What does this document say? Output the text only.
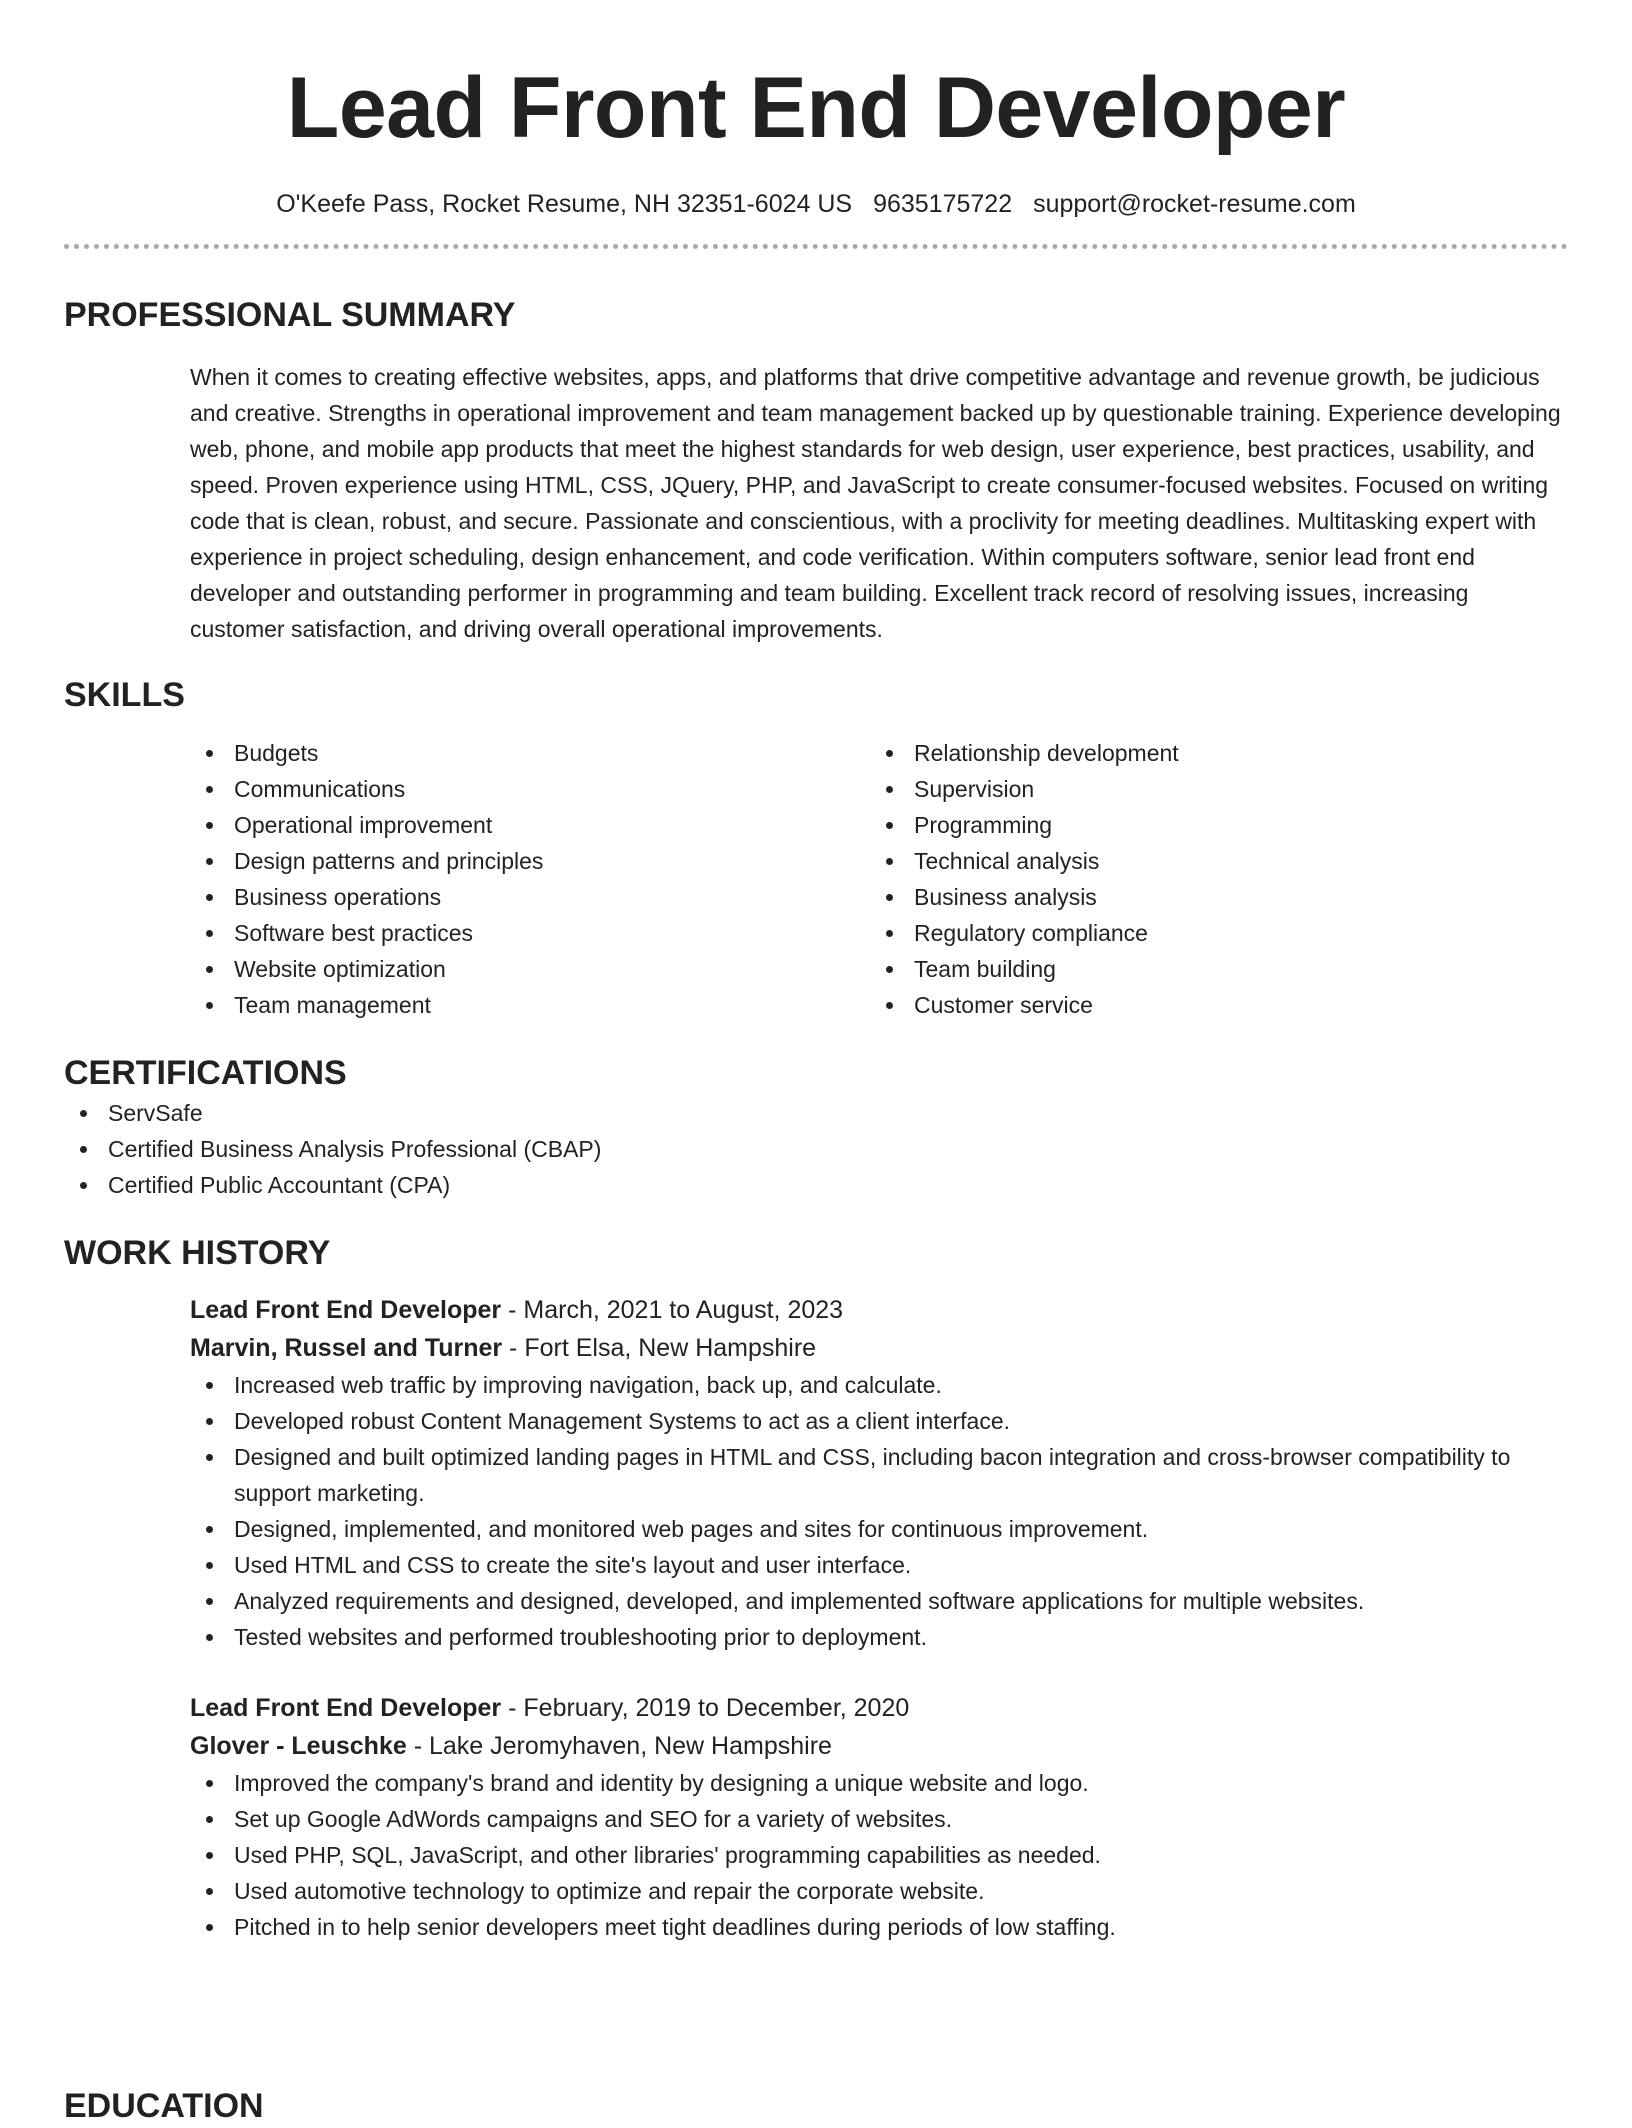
Lead Front End Developer
O'Keefe Pass, Rocket Resume, NH 32351-6024 US 9635175722 support@rocket-resume.com
PROFESSIONAL SUMMARY

When it comes to creating effective websites, apps, and platforms that drive competitive advantage and revenue growth, be judicious and creative. Strengths in operational improvement and team management backed up by questionable training. Experience developing web, phone, and mobile app products that meet the highest standards for web design, user experience, best practices, usability, and speed. Proven experience using HTML, CSS, JQuery, PHP, and JavaScript to create consumer-focused websites. Focused on writing code that is clean, robust, and secure. Passionate and conscientious, with a proclivity for meeting deadlines. Multitasking expert with experience in project scheduling, design enhancement, and code verification. Within computers software, senior lead front end developer and outstanding performer in programming and team building. Excellent track record of resolving issues, increasing customer satisfaction, and driving overall operational improvements.

SKILLS
Budgets
Communications
Operational improvement
Design patterns and principles
Business operations
Software best practices
Website optimization
Team management
Relationship development
Supervision
Programming
Technical analysis
Business analysis
Regulatory compliance
Team building
Customer service
CERTIFICATIONS
ServSafe
Certified Business Analysis Professional (CBAP)
Certified Public Accountant (CPA)
WORK HISTORY
Lead Front End Developer - March, 2021 to August, 2023
Marvin, Russel and Turner - Fort Elsa, New Hampshire
Increased web traffic by improving navigation, back up, and calculate.
Developed robust Content Management Systems to act as a client interface.
Designed and built optimized landing pages in HTML and CSS, including bacon integration and cross-browser compatibility to support marketing.
Designed, implemented, and monitored web pages and sites for continuous improvement.
Used HTML and CSS to create the site's layout and user interface.
Analyzed requirements and designed, developed, and implemented software applications for multiple websites.
Tested websites and performed troubleshooting prior to deployment.
Lead Front End Developer - February, 2019 to December, 2020
Glover - Leuschke - Lake Jeromyhaven, New Hampshire
Improved the company's brand and identity by designing a unique website and logo.
Set up Google AdWords campaigns and SEO for a variety of websites.
Used PHP, SQL, JavaScript, and other libraries' programming capabilities as needed.
Used automotive technology to optimize and repair the corporate website.
Pitched in to help senior developers meet tight deadlines during periods of low staffing.
EDUCATION
